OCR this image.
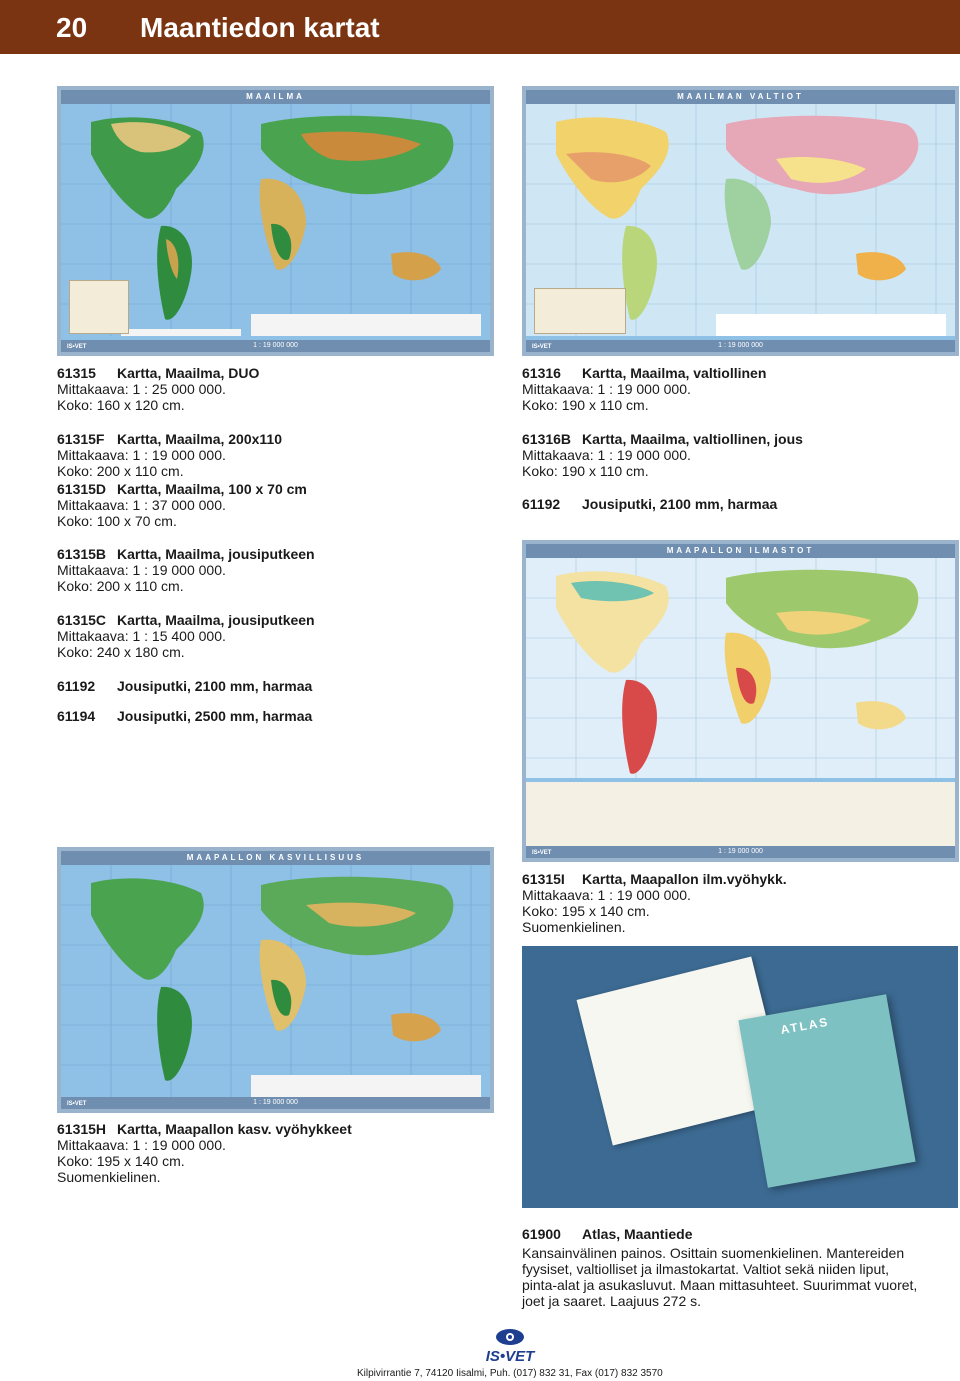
20 Maantiedon kartat
MAAILMA
IS•VET	1 : 19 000 000
MAAILMAN VALTIOT
IS•VET	1 : 19 000 000
MAAPALLON ILMASTOT
IS•VET	1 : 19 000 000
MAAPALLON KASVILLISUUS
IS•VET	1 : 19 000 000
61315 Kartta, Maailma, DUO
Mittakaava: 1 : 25 000 000.
Koko: 160 x 120 cm.
61315F Kartta, Maailma, 200x110
Mittakaava: 1 : 19 000 000.
Koko: 200 x 110 cm.
61315D Kartta, Maailma, 100 x 70 cm
Mittakaava: 1 : 37 000 000.
Koko: 100 x 70 cm.
61315B Kartta, Maailma, jousiputkeen
Mittakaava: 1 : 19 000 000.
Koko: 200 x 110 cm.
61315C Kartta, Maailma, jousiputkeen
Mittakaava: 1 : 15 400 000.
Koko: 240 x 180 cm.
61192 Jousiputki, 2100 mm, harmaa
61194 Jousiputki, 2500 mm, harmaa
61316 Kartta, Maailma, valtiollinen
Mittakaava: 1 : 19 000 000.
Koko: 190 x 110 cm.
61316B Kartta, Maailma, valtiollinen, jous
Mittakaava: 1 : 19 000 000.
Koko: 190 x 110 cm.
61192 Jousiputki, 2100 mm, harmaa
61315I Kartta, Maapallon ilm.vyöhykk.
Mittakaava: 1 : 19 000 000.
Koko: 195 x 140 cm.
Suomenkielinen.
61315H Kartta, Maapallon kasv. vyöhykkeet
Mittakaava: 1 : 19 000 000.
Koko: 195 x 140 cm.
Suomenkielinen.
ATLAS
61900 Atlas, Maantiede
Kansainvälinen painos. Osittain suomenkielinen. Mantereiden
fyysiset, valtiolliset ja ilmastokartat. Valtiot sekä niiden liput,
pinta-alat ja asukasluvut. Maan mittasuhteet. Suurimmat vuoret,
joet ja saaret. Laajuus 272 s.
IS•VET
Kilpivirrantie 7, 74120 Iisalmi, Puh. (017) 832 31, Fax (017) 832 3570
